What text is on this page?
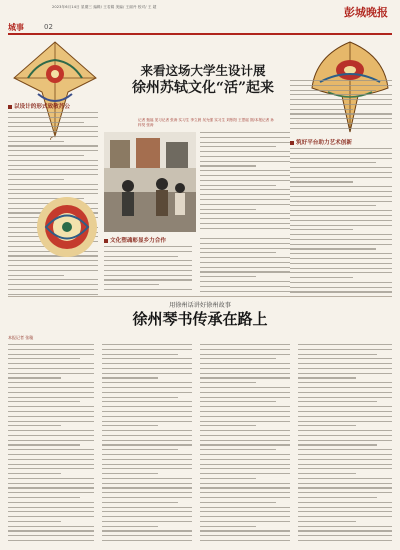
2023年6月14日 星期三 编辑/ 王若娟 美编/ 王丽丹 校对/ 王 超	彭城晚报
城事	02
来看这场大学生设计展
徐州苏轼文化“活”起来
记者 甄福 见习记者 张涛 实习生 李立晨 吴允强 实习生 刘彤阳 王思瑶 图/本报记者 孙梓昊 张涛
以设计的形式致敬苏公
文化塑魂彰显乡力合作
筑好平台助力艺术创新
用徐州话讲好徐州故事
徐州琴书传承在路上
本报记者 张璇
